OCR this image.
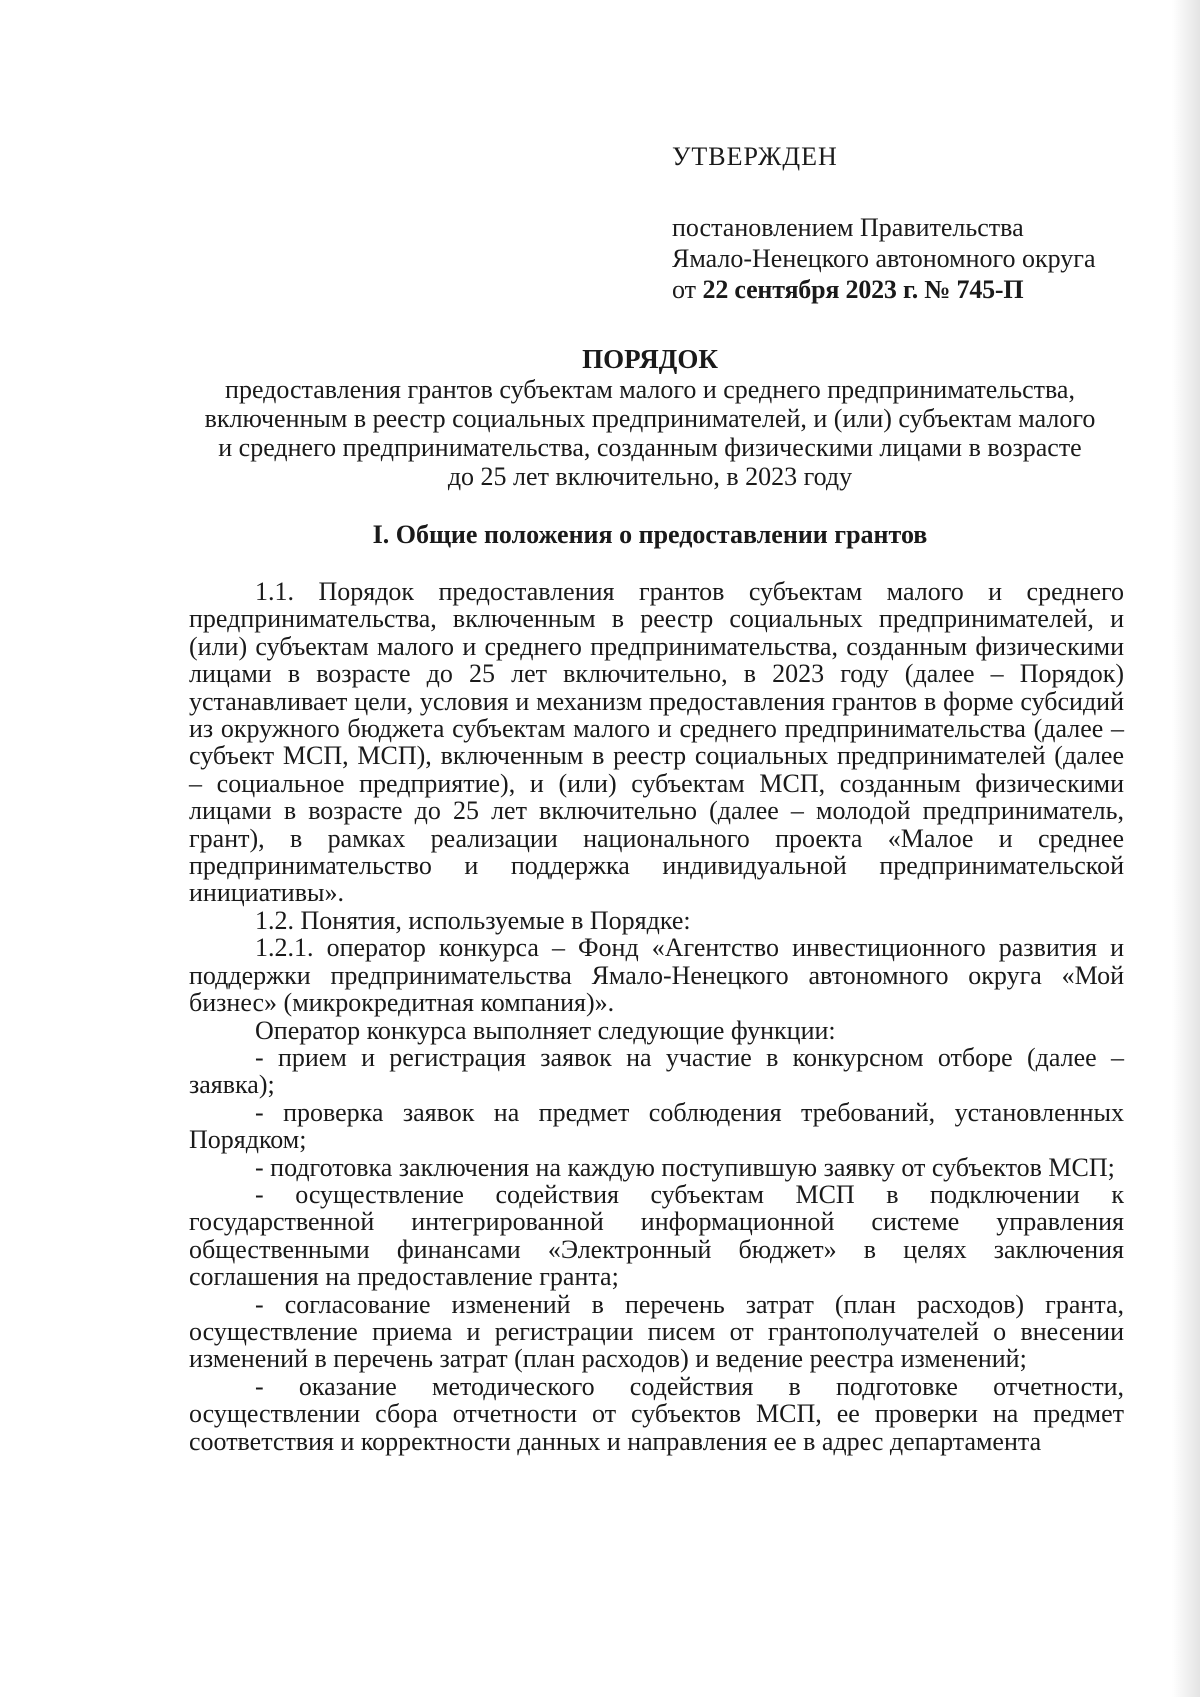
УТВЕРЖДЕН
постановлением Правительства
Ямало-Ненецкого автономного округа
от 22 сентября 2023 г. № 745-П
ПОРЯДОК
предоставления грантов субъектам малого и среднего предпринимательства,
включенным в реестр социальных предпринимателей, и (или) субъектам малого
и среднего предпринимательства, созданным физическими лицами в возрасте
до 25 лет включительно, в 2023 году
I. Общие положения о предоставлении грантов

1.1. Порядок предоставления грантов субъектам малого и среднего предпринимательства, включенным в реестр социальных предпринимателей, и (или) субъектам малого и среднего предпринимательства, созданным физическими лицами в возрасте до 25 лет включительно, в 2023 году (далее – Порядок) устанавливает цели, условия и механизм предоставления грантов в форме субсидий из окружного бюджета субъектам малого и среднего предпринимательства (далее – субъект МСП, МСП), включенным в реестр социальных предпринимателей (далее – социальное предприятие), и (или) субъектам МСП, созданным физическими лицами в возрасте до 25 лет включительно (далее – молодой предприниматель, грант), в рамках реализации национального проекта «Малое и среднее предпринимательство и поддержка индивидуальной предпринимательской инициативы».

1.2. Понятия, используемые в Порядке:

1.2.1. оператор конкурса – Фонд «Агентство инвестиционного развития и поддержки предпринимательства Ямало-Ненецкого автономного округа «Мой бизнес» (микрокредитная компания)».

Оператор конкурса выполняет следующие функции:

- прием и регистрация заявок на участие в конкурсном отборе (далее – заявка);

- проверка заявок на предмет соблюдения требований, установленных Порядком;

- подготовка заключения на каждую поступившую заявку от субъектов МСП;

- осуществление содействия субъектам МСП в подключении к государственной интегрированной информационной системе управления общественными финансами «Электронный бюджет» в целях заключения соглашения на предоставление гранта;

- согласование изменений в перечень затрат (план расходов) гранта, осуществление приема и регистрации писем от грантополучателей о внесении изменений в перечень затрат (план расходов) и ведение реестра изменений;

- оказание методического содействия в подготовке отчетности, осуществлении сбора отчетности от субъектов МСП, ее проверки на предмет соответствия и корректности данных и направления ее в адрес департамента
